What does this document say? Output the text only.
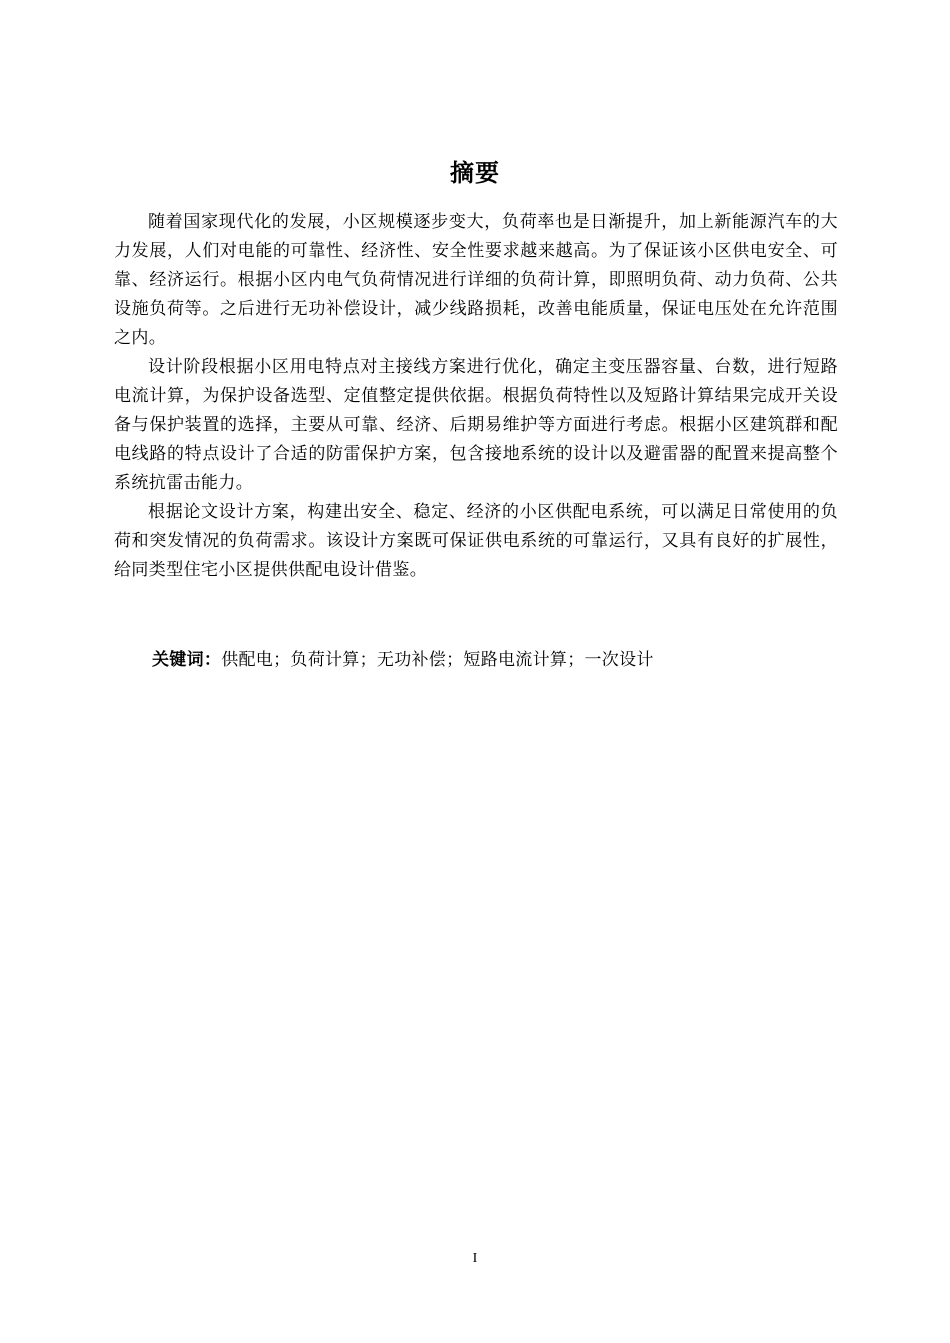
摘要

随着国家现代化的发展，小区规模逐步变大，负荷率也是日渐提升，加上新能源汽车的大力发展，人们对电能的可靠性、经济性、安全性要求越来越高。为了保证该小区供电安全、可靠、经济运行。根据小区内电气负荷情况进行详细的负荷计算，即照明负荷、动力负荷、公共设施负荷等。之后进行无功补偿设计，减少线路损耗，改善电能质量，保证电压处在允许范围之内。

设计阶段根据小区用电特点对主接线方案进行优化，确定主变压器容量、台数，进行短路电流计算，为保护设备选型、定值整定提供依据。根据负荷特性以及短路计算结果完成开关设备与保护装置的选择，主要从可靠、经济、后期易维护等方面进行考虑。根据小区建筑群和配电线路的特点设计了合适的防雷保护方案，包含接地系统的设计以及避雷器的配置来提高整个系统抗雷击能力。

根据论文设计方案，构建出安全、稳定、经济的小区供配电系统，可以满足日常使用的负荷和突发情况的负荷需求。该设计方案既可保证供电系统的可靠运行，又具有良好的扩展性，给同类型住宅小区提供供配电设计借鉴。

关键词：供配电；负荷计算；无功补偿；短路电流计算；一次设计
I
